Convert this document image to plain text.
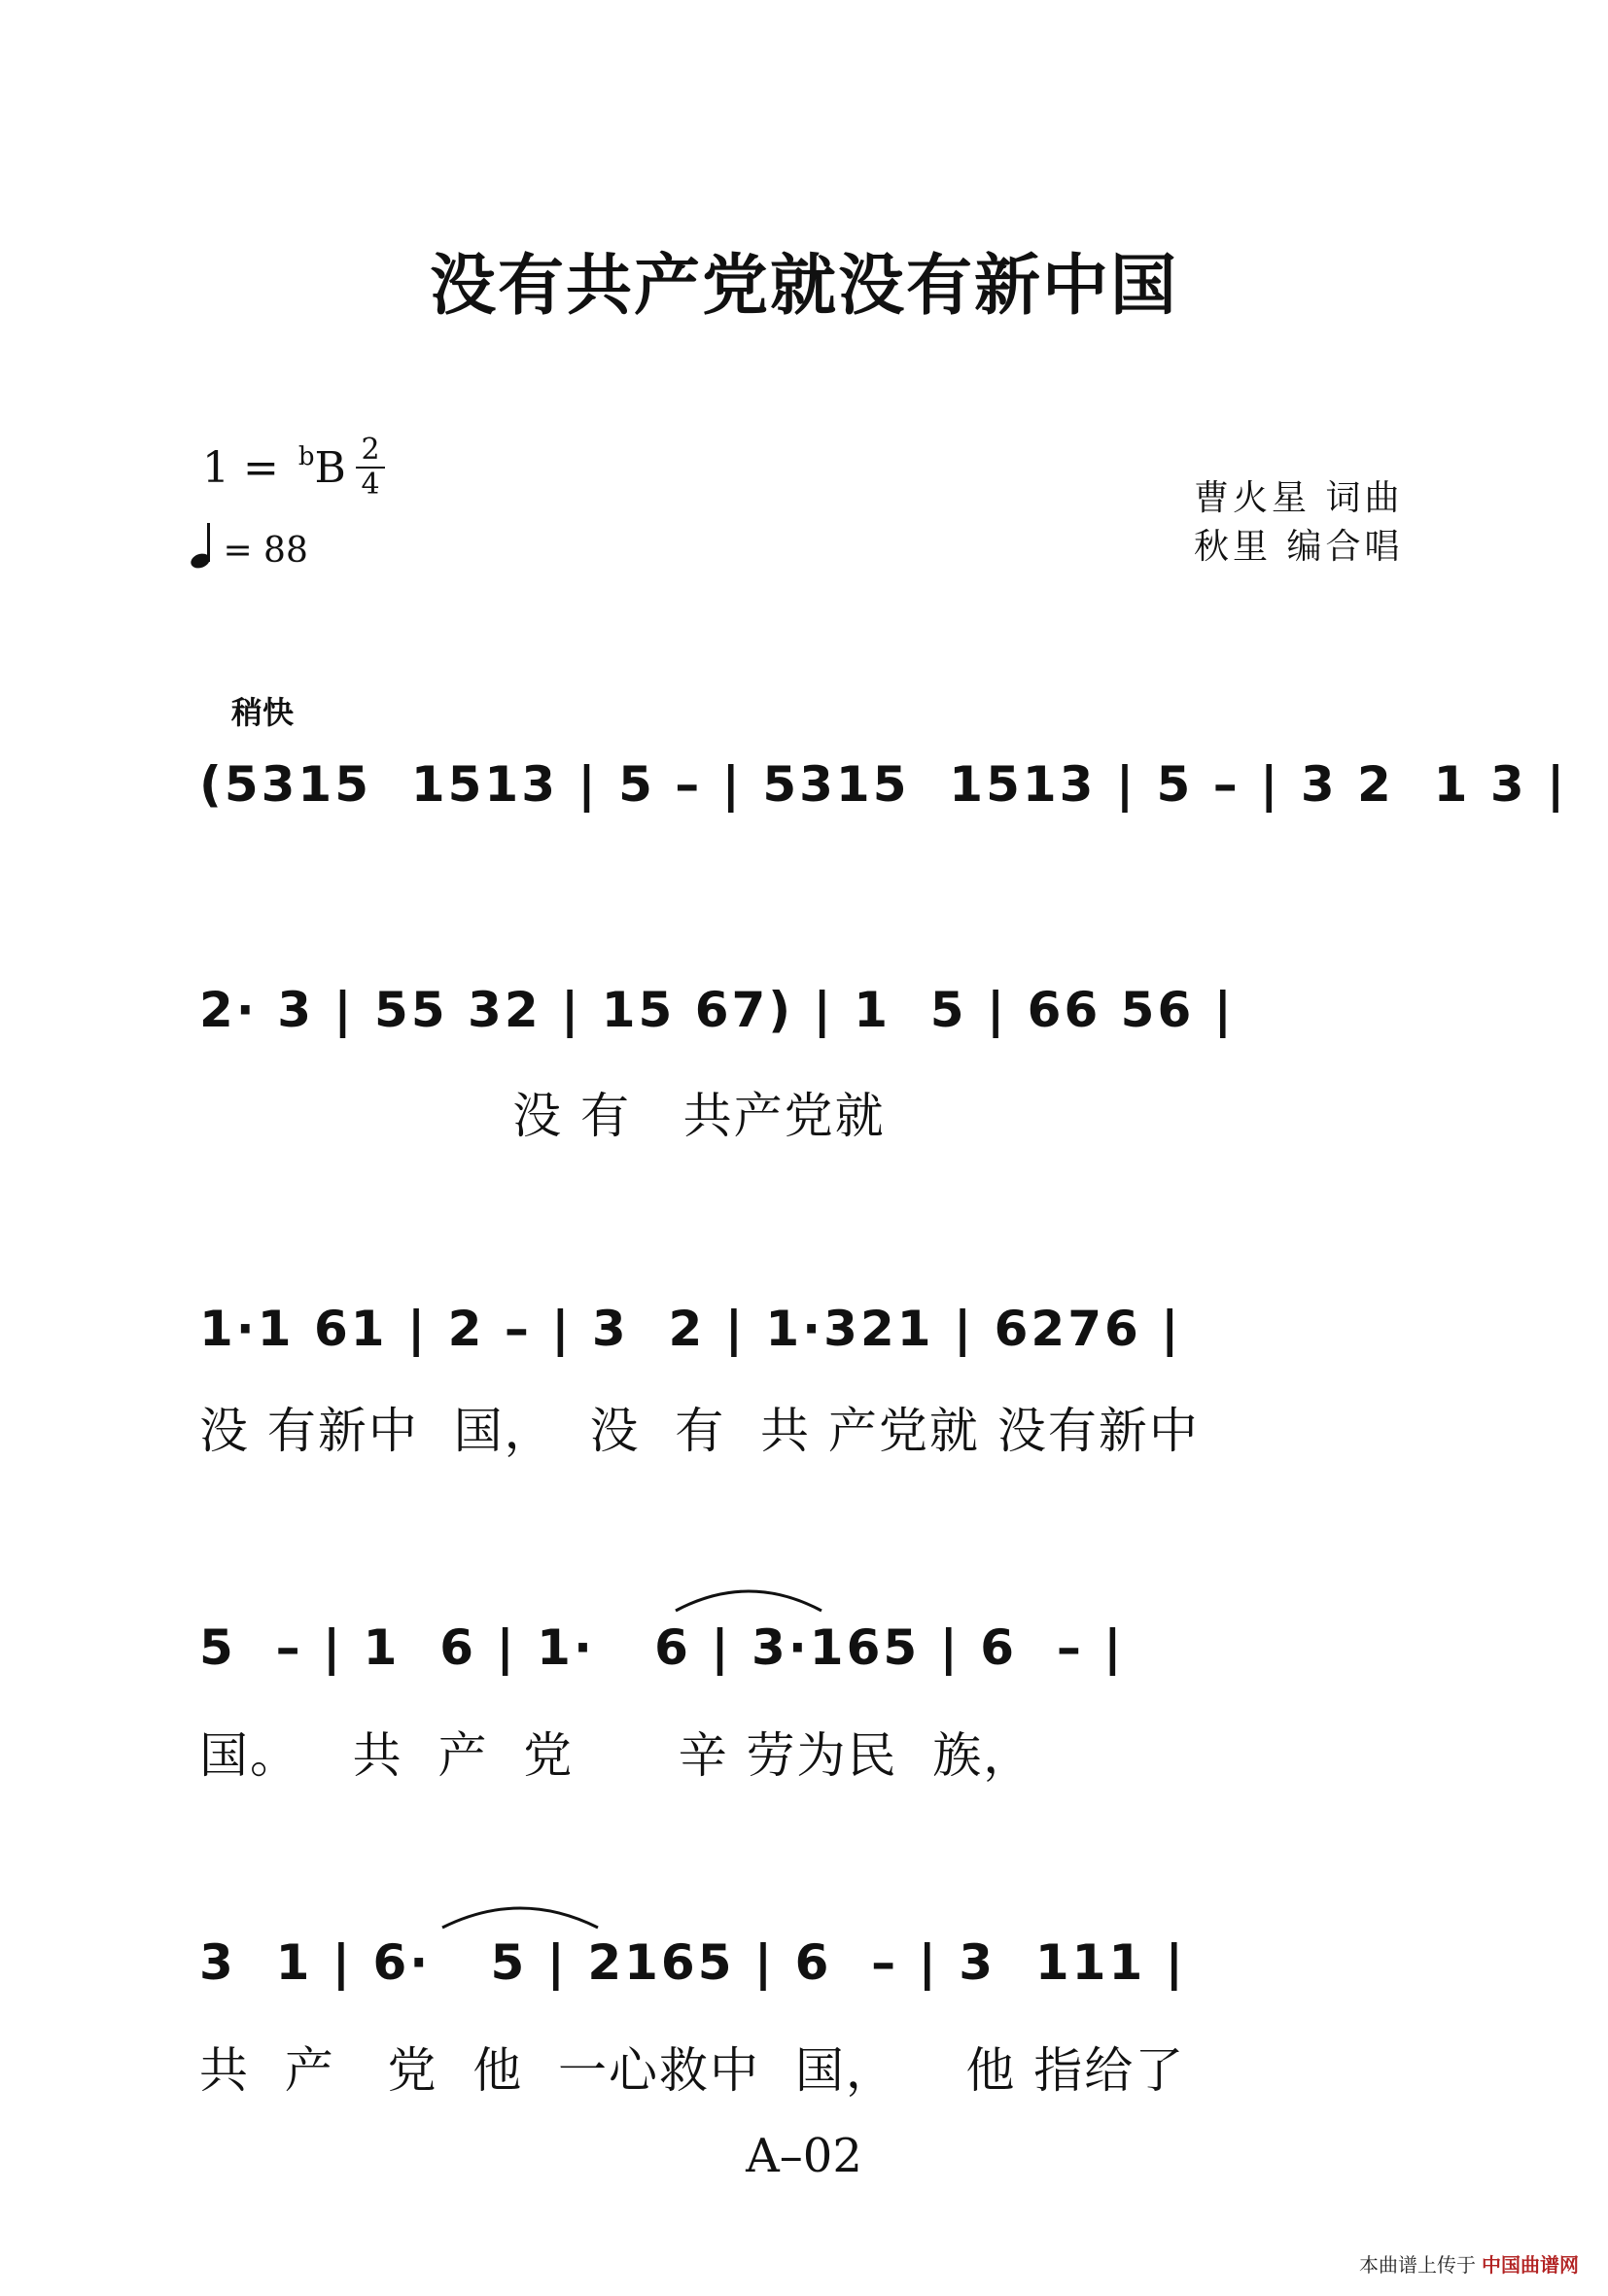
没有共产党就没有新中国
1 = $^b$B 2
4
= 88
曹火星 词曲
秋里 编合唱
稍快
(5315  1513 | 5 – | 5315  1513 | 5 – | 3 2  1 3 |
2· 3 | 55 32 | 15 67) | 1  5 | 66 56 |
没 有   共产党就
1·1 61 | 2 – | 3  2 | 1·321 | 6276 |
没 有新中  国，  没  有  共 产党就 没有新中
5  – | 1  6 | 1·   6 | 3·165 | 6  – |
国。   共  产  党      辛 劳为民  族，
3  1 | 6·   5 | 2165 | 6  – | 3  111 |
共  产   党  他  一心救中  国，    他 指给了
A–02
本曲谱上传于 中国曲谱网
